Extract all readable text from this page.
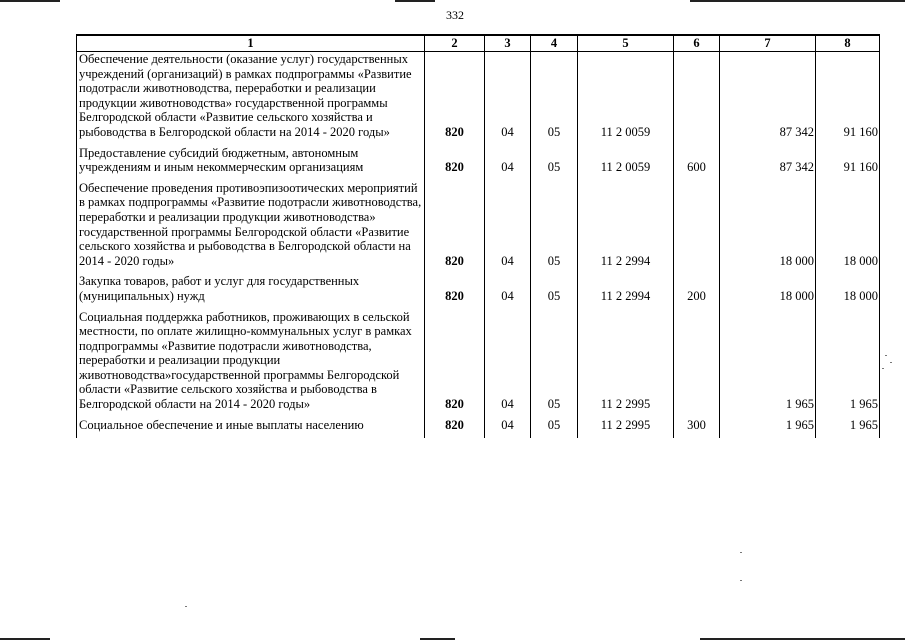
332
1	2	3	4	5	6	7	8
Обеспечение деятельности (оказание услуг) государственных учреждений (организаций) в рамках подпрограммы «Развитие подотрасли животноводства, переработки и реализации продукции животноводства» государственной программы Белгородской области «Развитие сельского хозяйства и рыбоводства в Белгородской области на 2014 - 2020 годы»	820	04	05	11 2 0059		87 342	91 160
Предоставление субсидий бюджетным, автономным учреждениям и иным некоммерческим организациям	820	04	05	11 2 0059	600	87 342	91 160
Обеспечение проведения противоэпизоотических мероприятий в рамках подпрограммы «Развитие подотрасли животноводства, переработки и реализации продукции животноводства» государственной программы Белгородской области «Развитие сельского хозяйства и рыбоводства в Белгородской области на 2014 - 2020 годы»	820	04	05	11 2 2994		18 000	18 000
Закупка товаров, работ и услуг для государственных (муниципальных) нужд	820	04	05	11 2 2994	200	18 000	18 000
Социальная поддержка работников, проживающих в сельской местности, по оплате жилищно-коммунальных услуг в рамках подпрограммы «Развитие подотрасли животноводства, переработки и реализации продукции животноводства»государственной программы Белгородской области «Развитие сельского хозяйства и рыбоводства в Белгородской области на 2014 - 2020 годы»	820	04	05	11 2 2995		1 965	1 965
Социальное обеспечение и иные выплаты населению	820	04	05	11 2 2995	300	1 965	1 965
